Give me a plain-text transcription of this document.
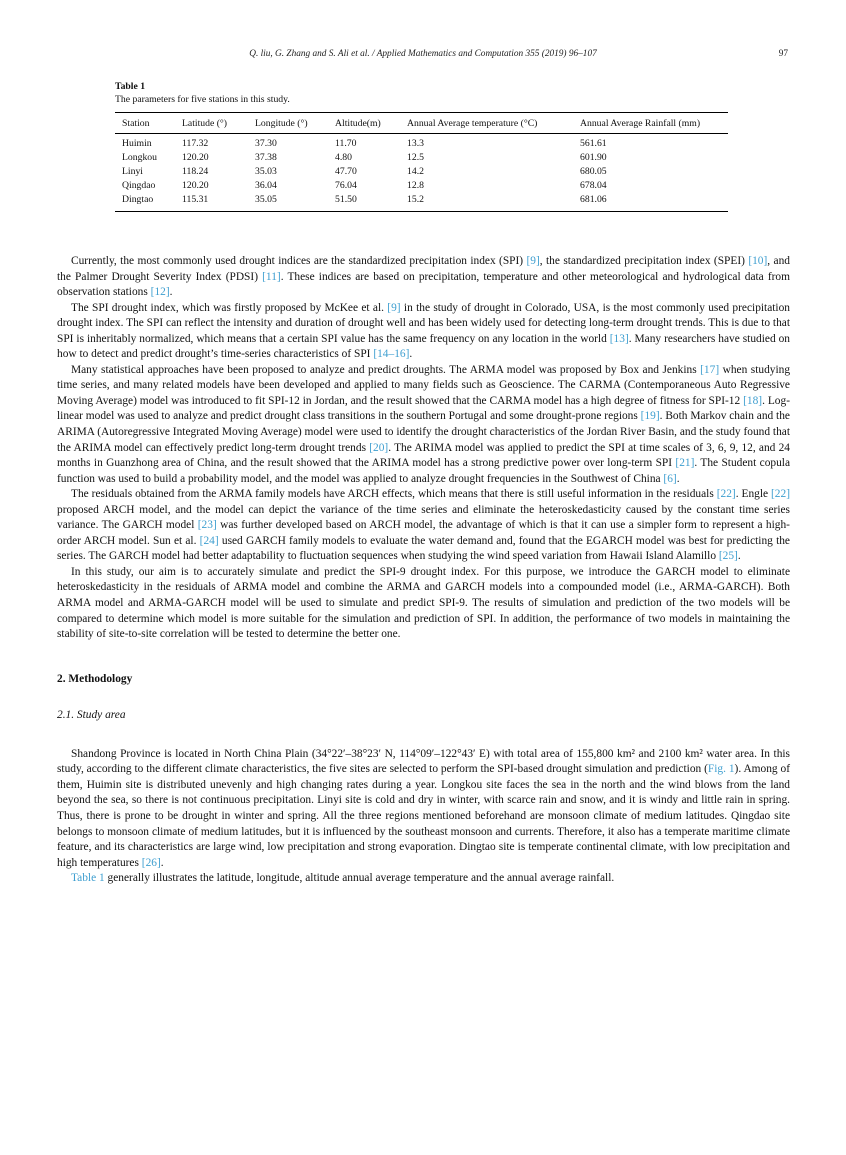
Q. liu, G. Zhang and S. Ali et al. / Applied Mathematics and Computation 355 (2019) 96–107	97
Table 1
The parameters for five stations in this study.
Station	Latitude (°)	Longitude (°)	Altitude(m)	Annual Average temperature (°C)	Annual Average Rainfall (mm)
Huimin	117.32	37.30	11.70	13.3	561.61
Longkou	120.20	37.38	4.80	12.5	601.90
Linyi	118.24	35.03	47.70	14.2	680.05
Qingdao	120.20	36.04	76.04	12.8	678.04
Dingtao	115.31	35.05	51.50	15.2	681.06

Currently, the most commonly used drought indices are the standardized precipitation index (SPI) [9], the standardized precipitation index (SPEI) [10], and the Palmer Drought Severity Index (PDSI) [11]. These indices are based on precipitation, temperature and other meteorological and hydrological data from observation stations [12].

The SPI drought index, which was firstly proposed by McKee et al. [9] in the study of drought in Colorado, USA, is the most commonly used precipitation drought index. The SPI can reflect the intensity and duration of drought well and has been widely used for detecting long-term drought trends. This is due to that SPI is inheritably normalized, which means that a certain SPI value has the same frequency on any location in the world [13]. Many researchers have studied on how to detect and predict drought’s time-series characteristics of SPI [14–16].

Many statistical approaches have been proposed to analyze and predict droughts. The ARMA model was proposed by Box and Jenkins [17] when studying time series, and many related models have been developed and applied to many fields such as Geoscience. The CARMA (Contemporaneous Auto Regressive Moving Average) model was introduced to fit SPI-12 in Jordan, and the result showed that the CARMA model has a high degree of fitness for SPI-12 [18]. Log-linear model was used to analyze and predict drought class transitions in the southern Portugal and some drought-prone regions [19]. Both Markov chain and the ARIMA (Autoregressive Integrated Moving Average) model were used to identify the drought characteristics of the Jordan River Basin, and the study found that the ARIMA model can effectively predict long-term drought trends [20]. The ARIMA model was applied to predict the SPI at time scales of 3, 6, 9, 12, and 24 months in Guanzhong area of China, and the result showed that the ARIMA model has a strong predictive power over long-term SPI [21]. The Student copula function was used to build a probability model, and the model was applied to analyze drought frequencies in the Southwest of China [6].

The residuals obtained from the ARMA family models have ARCH effects, which means that there is still useful information in the residuals [22]. Engle [22] proposed ARCH model, and the model can depict the variance of the time series and eliminate the heteroskedasticity caused by the constant time series variance. The GARCH model [23] was further developed based on ARCH model, the advantage of which is that it can use a simpler form to represent a high-order ARCH model. Sun et al. [24] used GARCH family models to evaluate the water demand and, found that the EGARCH model was best for predicting the series. The GARCH model had better adaptability to fluctuation sequences when studying the wind speed variation from Hawaii Island Alamillo [25].

In this study, our aim is to accurately simulate and predict the SPI-9 drought index. For this purpose, we introduce the GARCH model to eliminate heteroskedasticity in the residuals of ARMA model and combine the ARMA and GARCH models into a compounded model (i.e., ARMA-GARCH). Both ARMA model and ARMA-GARCH model will be used to simulate and predict SPI-9. The results of simulation and prediction of the two models will be compared to determine which model is more suitable for the simulation and prediction of SPI. In addition, the performance of two models in maintaining the stability of site-to-site correlation will be tested to determine the better one.

2. Methodology
2.1. Study area

Shandong Province is located in North China Plain (34°22′–38°23′ N, 114°09′–122°43′ E) with total area of 155,800 km² and 2100 km² water area. In this study, according to the different climate characteristics, the five sites are selected to perform the SPI-based drought simulation and prediction (Fig. 1). Among of them, Huimin site is distributed unevenly and high changing rates during a year. Longkou site faces the sea in the north and the wind blows from the land beyond the sea, so there is not continuous precipitation. Linyi site is cold and dry in winter, with scarce rain and snow, and it is windy and little rain in spring. Thus, there is prone to be drought in winter and spring. All the three regions mentioned beforehand are monsoon climate of medium latitudes. Qingdao site belongs to monsoon climate of medium latitudes, but it is influenced by the southeast monsoon and currents. Therefore, it also has a temperate maritime climate feature, and its characteristics are large wind, low precipitation and strong evaporation. Dingtao site is temperate continental climate, with low precipitation and high temperatures [26].

Table 1 generally illustrates the latitude, longitude, altitude annual average temperature and the annual average rainfall.
